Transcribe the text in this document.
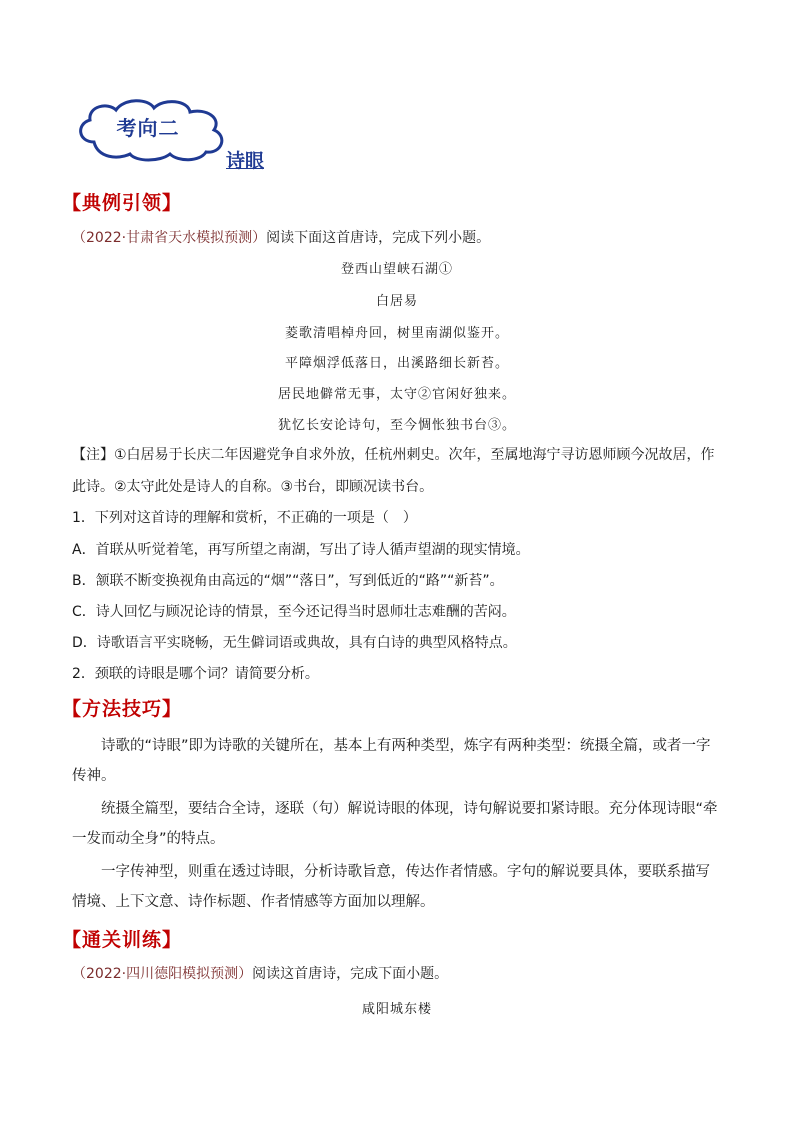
考向二
诗眼
【典例引领】
（2022·甘肃省天水模拟预测）阅读下面这首唐诗，完成下列小题。
登西山望峡石湖①
白居易
菱歌清唱棹舟回，树里南湖似鉴开。
平障烟浮低落日，出溪路细长新苔。
居民地僻常无事，太守②官闲好独来。
犹忆长安论诗句，至今惆怅独书台③。
【注】①白居易于长庆二年因避党争自求外放，任杭州刺史。次年，至属地海宁寻访恩师顾今况故居，作
此诗。②太守此处是诗人的自称。③书台，即顾况读书台。
1．下列对这首诗的理解和赏析，不正确的一项是（　）
A．首联从听觉着笔，再写所望之南湖，写出了诗人循声望湖的现实情境。
B．颔联不断变换视角由高远的“烟”“落日”，写到低近的“路”“新苔”。
C．诗人回忆与顾况论诗的情景，至今还记得当时恩师壮志难酬的苦闷。
D．诗歌语言平实晓畅，无生僻词语或典故，具有白诗的典型风格特点。
2．颈联的诗眼是哪个词？请简要分析。
【方法技巧】
诗歌的“诗眼”即为诗歌的关键所在，基本上有两种类型，炼字有两种类型：统摄全篇，或者一字传神。
统摄全篇型，要结合全诗，逐联（句）解说诗眼的体现，诗句解说要扣紧诗眼。充分体现诗眼“牵一发而动全身”的特点。
一字传神型，则重在透过诗眼，分析诗歌旨意，传达作者情感。字句的解说要具体，要联系描写情境、上下文意、诗作标题、作者情感等方面加以理解。
【通关训练】
（2022·四川德阳模拟预测）阅读这首唐诗，完成下面小题。
咸阳城东楼
